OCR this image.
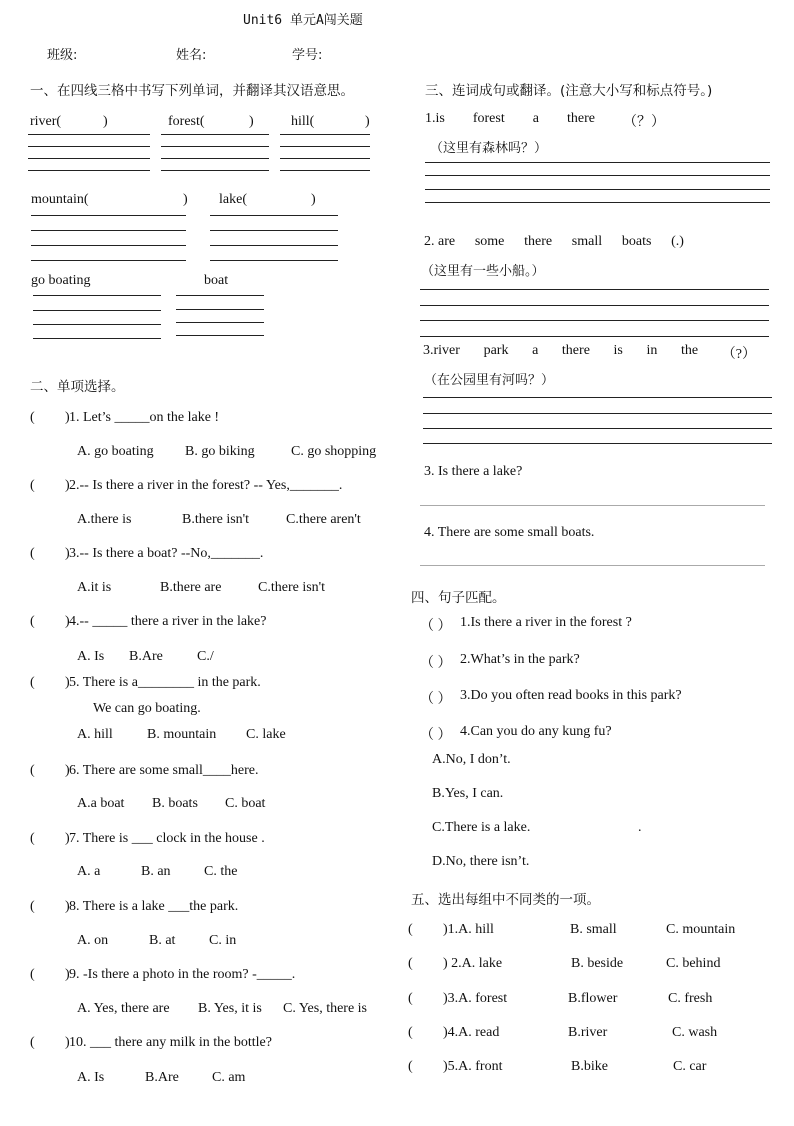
Unit6 单元A闯关题
班级:	姓名:	学号:
一、在四线三格中书写下列单词，并翻译其汉语意思。
river(	)	forest(	)	hill(	)
mountain(	) lake(	)
go boating	boat
二、单项选择。
( ) 1. Let’s _____on the lake !
A. go boating B. go biking	C. go shopping
( ) 2.-- Is there a river in the forest? -- Yes,_______.
A.there is	B.there isn't	C.there aren't
( ) 3.-- Is there a boat? --No,_______.
A.it is	B.there are	C.there isn't
( ) 4.-- _____ there a river in the lake?
A. Is B.Are C./
( ) 5. There is a________ in the park.
We can go boating.
A. hill B. mountain C. lake
( ) 6. There are some small____here.
A.a boat B. boats C. boat
( ) 7. There is ___ clock in the house .
A. a	B. an C. the
( ) 8. There is a lake ___the park.
A. on	B. at C. in
( ) 9. -Is there a photo in the room? -_____.
A. Yes, there are B. Yes, it is C. Yes, there is
( ) 10. ___ there any milk in the bottle?
A. Is	B.Are C. am
三、连词成句或翻译。(注意大小写和标点符号。)
1.is forest a there （？）
（这里有森林吗？）
2. are some there small boats (.)
（这里有一些小船。）
3.river park a there is in the （?）
（在公园里有河吗？）
3. Is there a lake?
4. There are some small boats.
四、句子匹配。
（ ） 1.Is there a river in the forest ?
（ ） 2.What’s in the park?
（ ） 3.Do you often read books in this park?
（ ） 4.Can you do any kung fu?
A.No, I don’t.
B.Yes, I can.
C.There is a lake.
D.No, there isn’t.
.
五、选出每组中不同类的一项。
( )1.A. hill	B. small	C. mountain
( ) 2.A. lake	B. beside	C. behind
( )3.A. forest	B.flower	C. fresh
( )4.A. read	B.river	C. wash
( )5.A. front	B.bike	C. car
